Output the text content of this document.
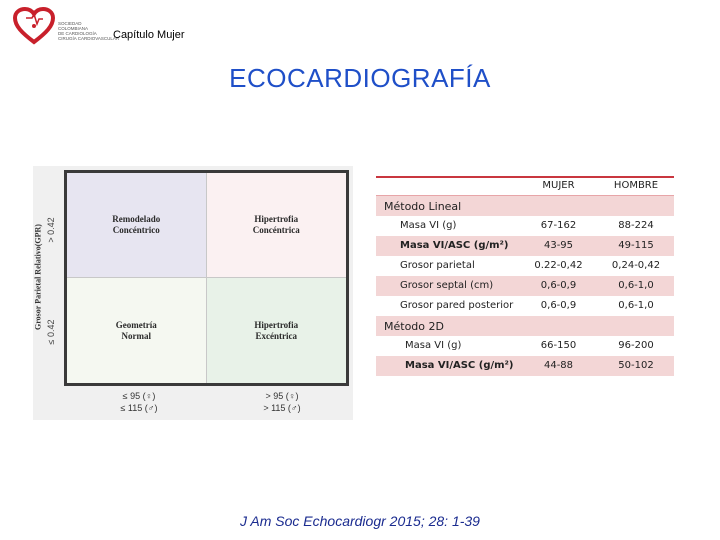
SOCIEDAD
COLOMBIANA
DE CARDIOLOGÍA
CIRUGÍA CARDIOVASCULAR
Capítulo Mujer
ECOCARDIOGRAFÍA
Grosor Parietal Relativo(GPR) > 0.42
≤ 0.42
Remodelado
Concéntrico
Hipertrofia
Concéntrica
Geometría
Normal
Hipertrofia
Excéntrica
≤ 95 (♀)
≤ 115 (♂)
> 95 (♀)
> 115 (♂)
MUJER	HOMBRE
Método Lineal
Masa VI (g)	67-162	88-224
Masa VI/ASC (g/m²)	43-95	49-115
Grosor parietal	0.22-0,42	0,24-0,42
Grosor septal (cm)	0,6-0,9	0,6-1,0
Grosor pared posterior	0,6-0,9	0,6-1,0
Método 2D
Masa VI (g)	66-150	96-200
Masa VI/ASC (g/m²)	44-88	50-102
J Am Soc Echocardiogr 2015; 28: 1-39
